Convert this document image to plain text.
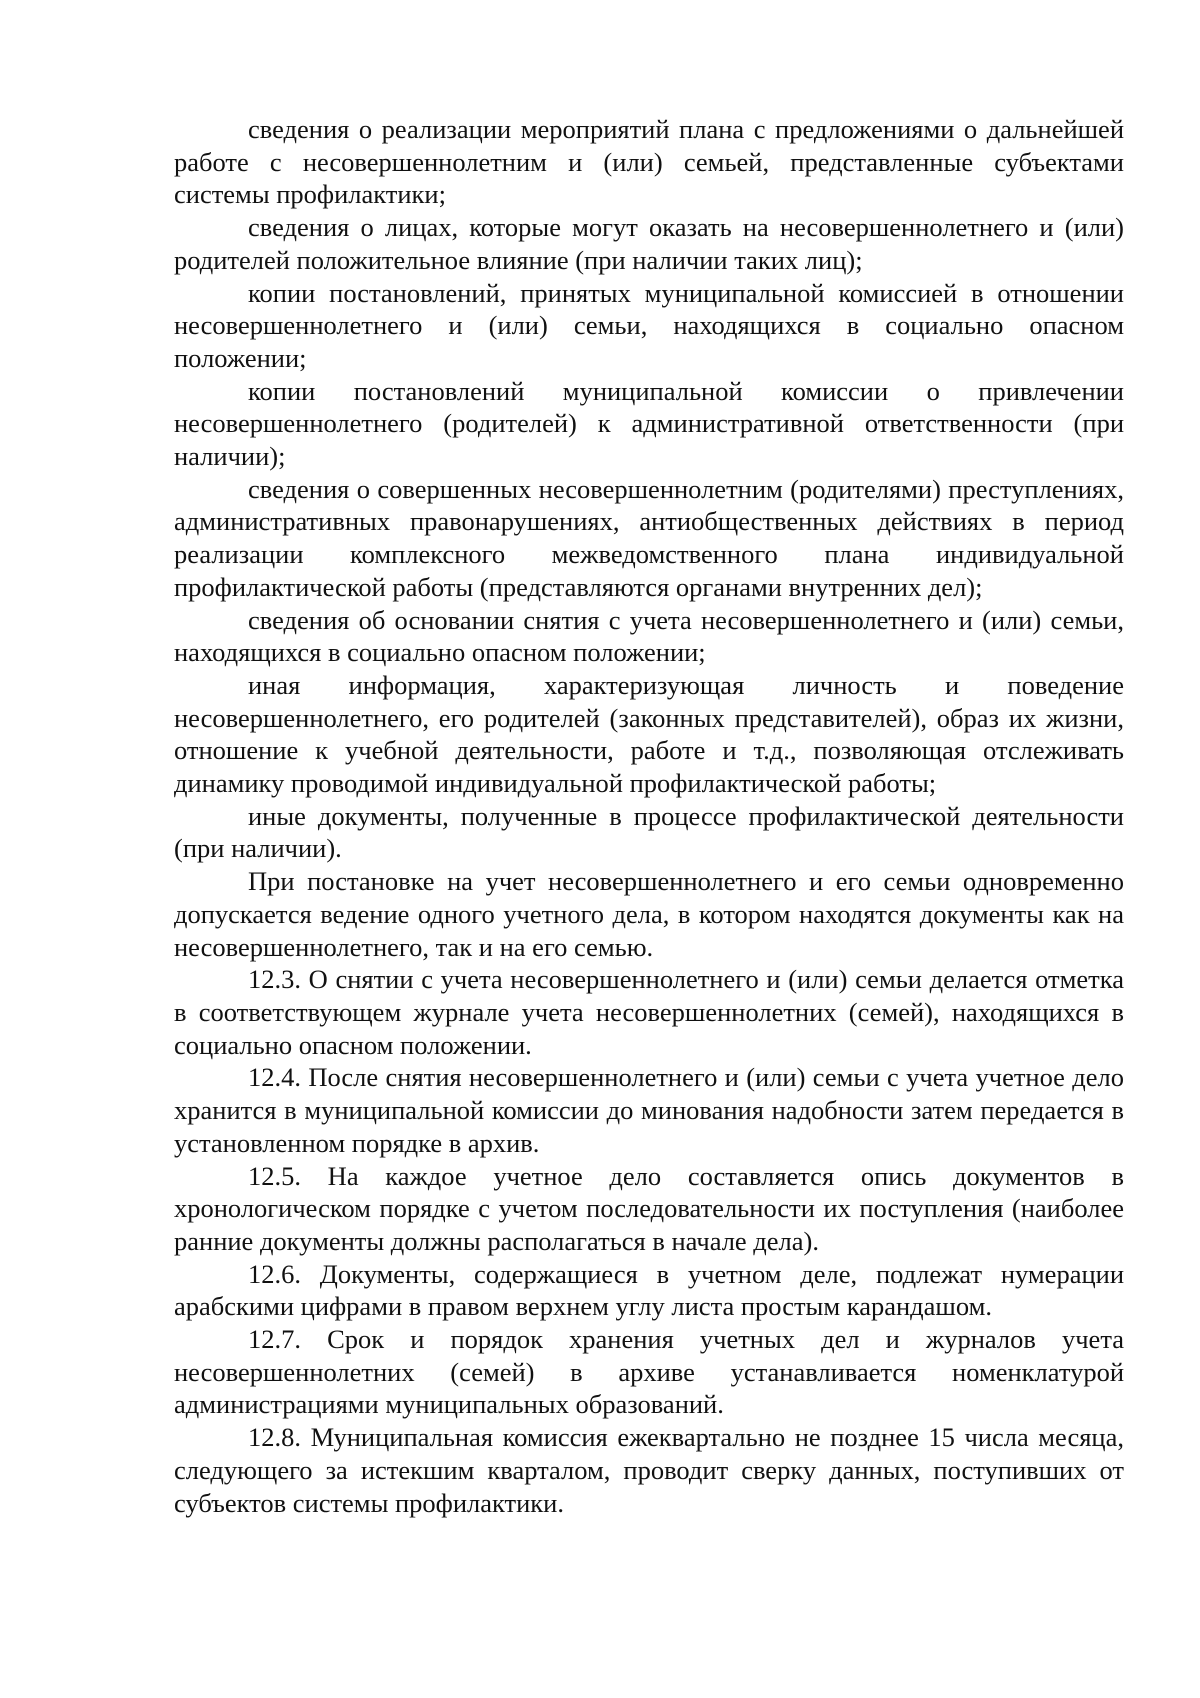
сведения о реализации мероприятий плана с предложениями о дальнейшей работе с несовершеннолетним и (или) семьей, представленные субъектами системы профилактики;

сведения о лицах, которые могут оказать на несовершеннолетнего и (или) родителей положительное влияние (при наличии таких лиц);

копии постановлений, принятых муниципальной комиссией в отношении несовершеннолетнего и (или) семьи, находящихся в социально опасном положении;

копии постановлений муниципальной комиссии о привлечении несовершеннолетнего (родителей) к административной ответственности (при наличии);

сведения о совершенных несовершеннолетним (родителями) преступлениях, административных правонарушениях, антиобщественных действиях в период реализации комплексного межведомственного плана индивидуальной профилактической работы (представляются органами внутренних дел);

сведения об основании снятия с учета несовершеннолетнего и (или) семьи, находящихся в социально опасном положении;

иная информация, характеризующая личность и поведение несовершеннолетнего, его родителей (законных представителей), образ их жизни, отношение к учебной деятельности, работе и т.д., позволяющая отслеживать динамику проводимой индивидуальной профилактической работы;

иные документы, полученные в процессе профилактической деятельности (при наличии).

При постановке на учет несовершеннолетнего и его семьи одновременно допускается ведение одного учетного дела, в котором находятся документы как на несовершеннолетнего, так и на его семью.

12.3. О снятии с учета несовершеннолетнего и (или) семьи делается отметка в соответствующем журнале учета несовершеннолетних (семей), находящихся в социально опасном положении.

12.4. После снятия несовершеннолетнего и (или) семьи с учета учетное дело хранится в муниципальной комиссии до минования надобности затем передается в установленном порядке в архив.

12.5. На каждое учетное дело составляется опись документов в хронологическом порядке с учетом последовательности их поступления (наиболее ранние документы должны располагаться в начале дела).

12.6. Документы, содержащиеся в учетном деле, подлежат нумерации арабскими цифрами в правом верхнем углу листа простым карандашом.

12.7. Срок и порядок хранения учетных дел и журналов учета несовершеннолетних (семей) в архиве устанавливается номенклатурой администрациями муниципальных образований.

12.8. Муниципальная комиссия ежеквартально не позднее 15 числа месяца, следующего за истекшим кварталом, проводит сверку данных, поступивших от субъектов системы профилактики.
